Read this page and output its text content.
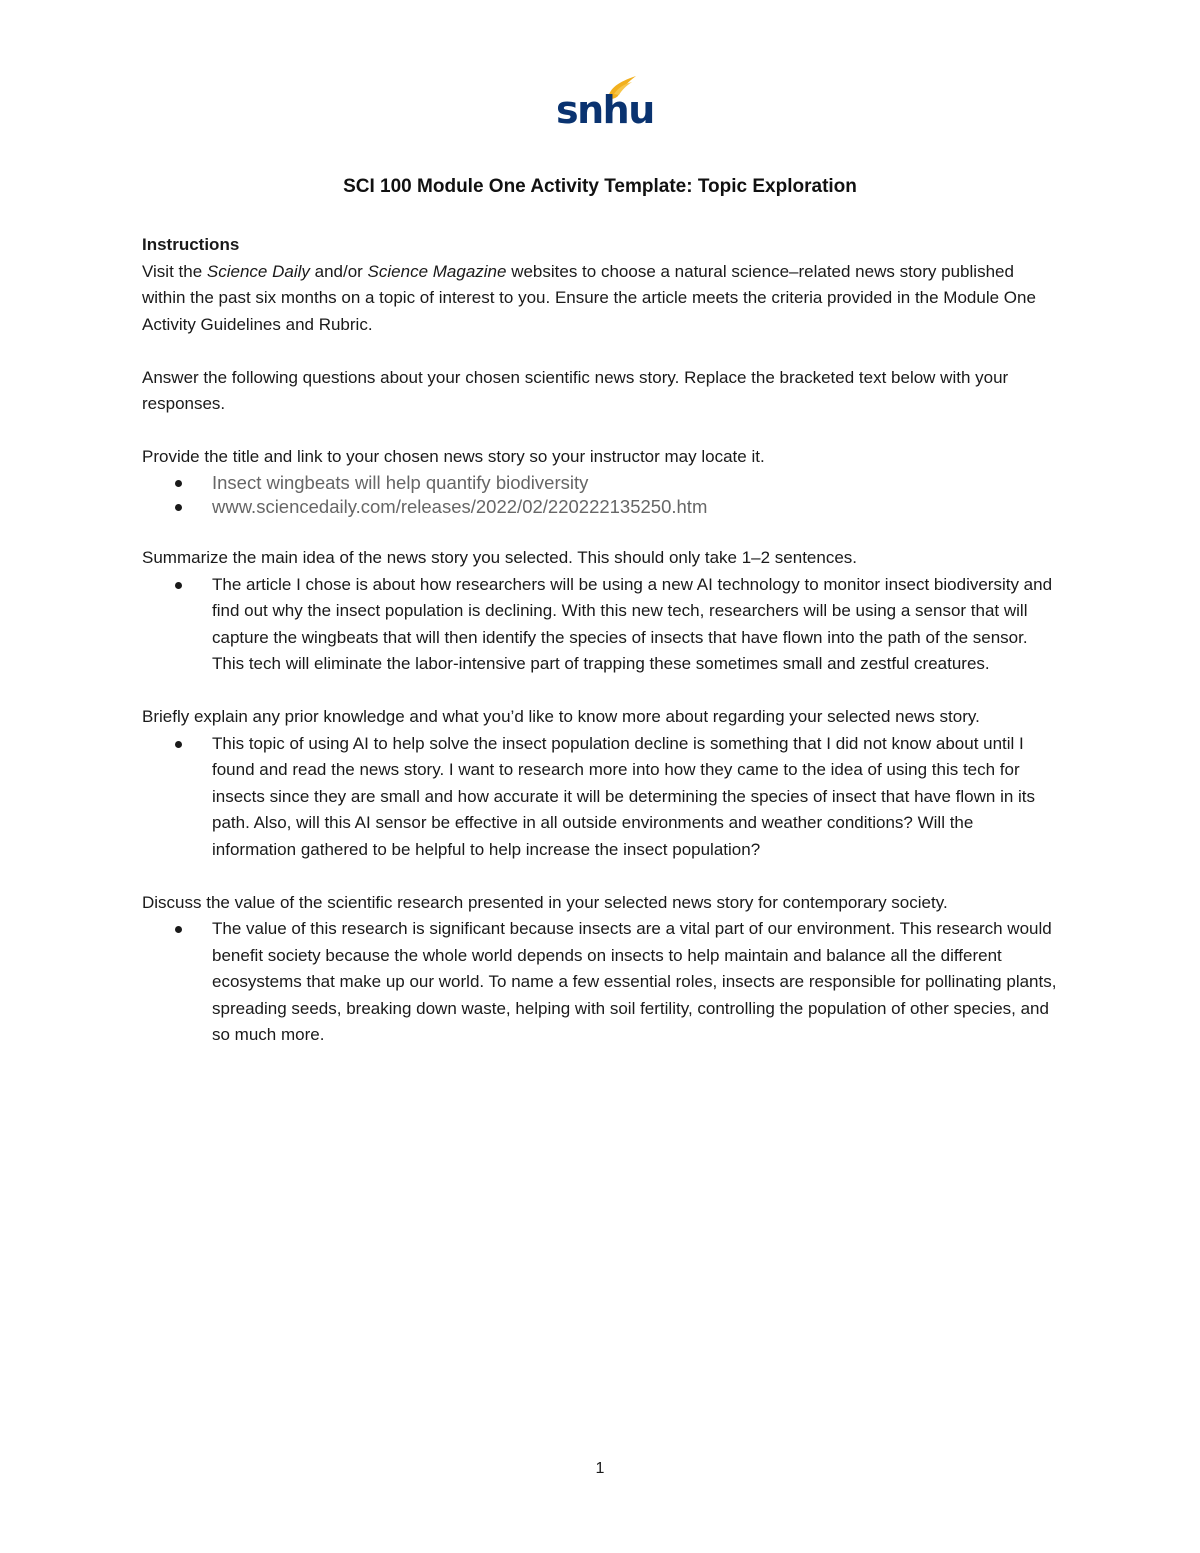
snhu
SCI 100 Module One Activity Template: Topic Exploration

Instructions

Visit the Science Daily and/or Science Magazine websites to choose a natural science–related news story published within the past six months on a topic of interest to you. Ensure the article meets the criteria provided in the Module One Activity Guidelines and Rubric.

Answer the following questions about your chosen scientific news story. Replace the bracketed text below with your responses.

Provide the title and link to your chosen news story so your instructor may locate it.

Insect wingbeats will help quantify biodiversity
www.sciencedaily.com/releases/2022/02/220222135250.htm

Summarize the main idea of the news story you selected. This should only take 1–2 sentences.

The article I chose is about how researchers will be using a new AI technology to monitor insect biodiversity and find out why the insect population is declining. With this new tech, researchers will be using a sensor that will capture the wingbeats that will then identify the species of insects that have flown into the path of the sensor. This tech will eliminate the labor-intensive part of trapping these sometimes small and zestful creatures.

Briefly explain any prior knowledge and what you’d like to know more about regarding your selected news story.

This topic of using AI to help solve the insect population decline is something that I did not know about until I found and read the news story. I want to research more into how they came to the idea of using this tech for insects since they are small and how accurate it will be determining the species of insect that have flown in its path. Also, will this AI sensor be effective in all outside environments and weather conditions? Will the information gathered to be helpful to help increase the insect population?

Discuss the value of the scientific research presented in your selected news story for contemporary society.

The value of this research is significant because insects are a vital part of our environment. This research would benefit society because the whole world depends on insects to help maintain and balance all the different ecosystems that make up our world. To name a few essential roles, insects are responsible for pollinating plants, spreading seeds, breaking down waste, helping with soil fertility, controlling the population of other species, and so much more.
1
